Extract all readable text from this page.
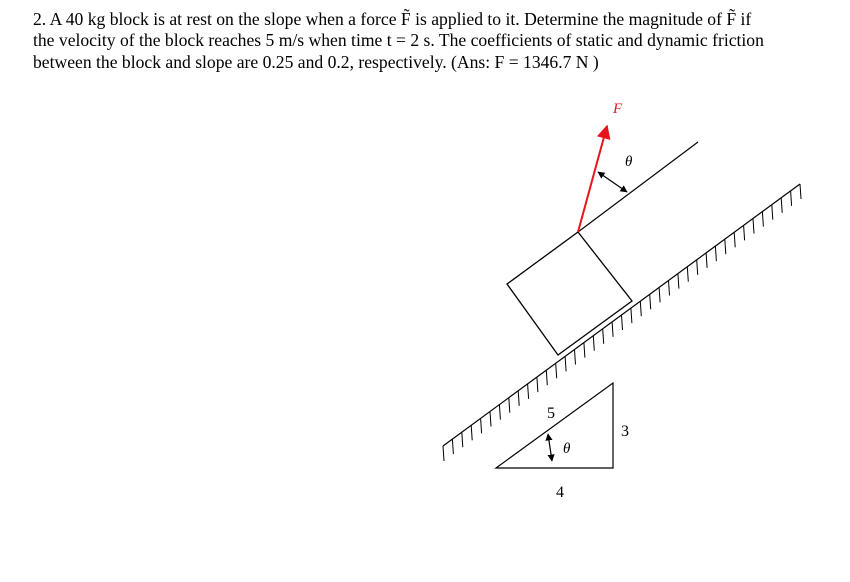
2. A 40 kg block is at rest on the slope when a force F̃ is applied to it. Determine the magnitude of F̃ if
the velocity of the block reaches 5 m/s when time t = 2 s. The coefficients of static and dynamic friction
between the block and slope are 0.25 and 0.2, respectively. (Ans: F = 1346.7 N )
F
θ
5
3
4
θ
